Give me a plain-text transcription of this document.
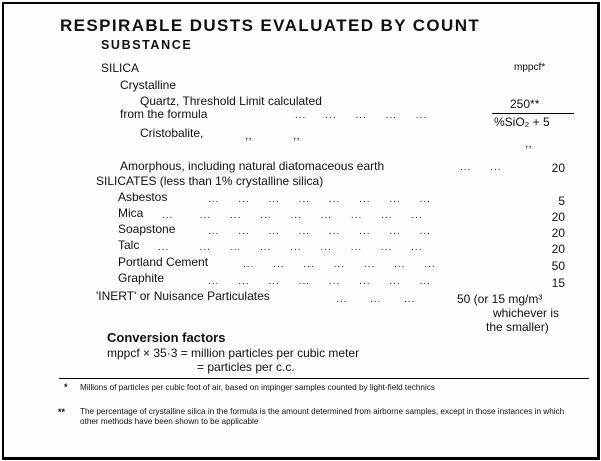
RESPIRABLE DUSTS EVALUATED BY COUNT
SUBSTANCE
SILICA	mppcf*
Crystalline
Quartz, Threshold Limit calculated
from the formula	...     ...     ...     ...     ...
250**
%SiO₂ + 5
Cristobalite,	,,	,,
,,
Amorphous, including natural diatomaceous earth	...     ...	20
SILICATES (less than 1% crystalline silica)
Asbestos	...     ...     ...     ...     ...     ...     ...     ...	5
Mica ...       ...     ...     ...     ...     ...     ...     ...     ...	20
Soapstone	...     ...     ...     ...     ...     ...     ...     ...	20
Talc ...        ...     ...     ...     ...     ...     ...     ...     ...	20
Portland Cement	...     ...     ...     ...     ...     ...     ...	50
Graphite	...     ...     ...     ...     ...     ...     ...     ...	15
'INERT' or Nuisance Particulates	...      ...      ...	50 (or 15 mg/m³
whichever is
the smaller)
Conversion factors
mppcf × 35·3 = million particles per cubic meter
= particles per c.c.
* Millions of particles per cubic foot of air, based on impinger samples counted by light-field technics
** The percentage of crystalline silica in the formula is the amount determined from airborne samples, except in those instances in which other methods have been shown to be applicable
